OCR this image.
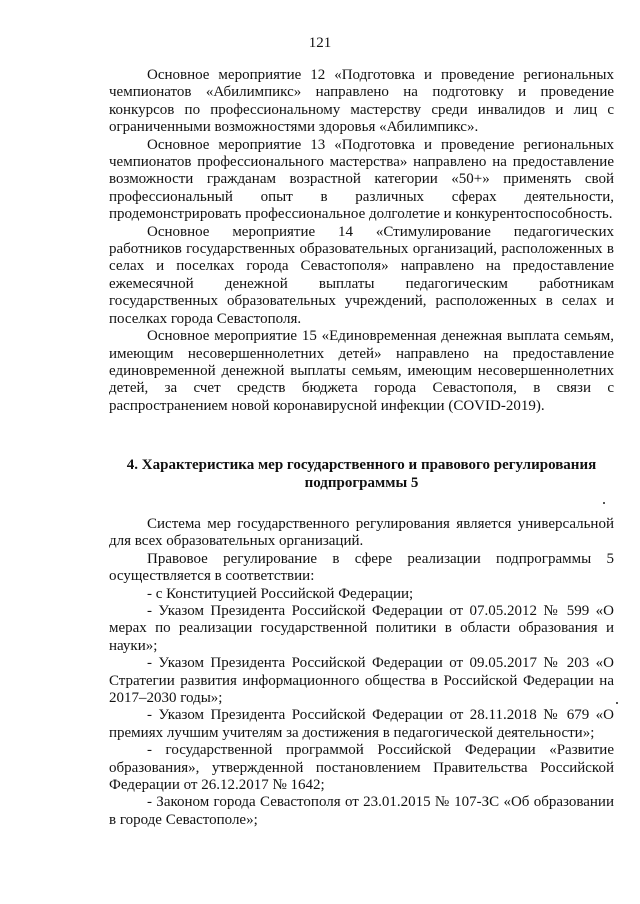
121

Основное мероприятие 12 «Подготовка и проведение региональных чемпионатов «Абилимпикс» направлено на подготовку и проведение конкурсов по профессиональному мастерству среди инвалидов и лиц с ограниченными возможностями здоровья «Абилимпикс».

Основное мероприятие 13 «Подготовка и проведение региональных чемпионатов профессионального мастерства» направлено на предоставление возможности гражданам возрастной категории «50+» применять свой профессиональный опыт в различных сферах деятельности, продемонстрировать профессиональное долголетие и конкурентоспособность.

Основное мероприятие 14 «Стимулирование педагогических работников государственных образовательных организаций, расположенных в селах и поселках города Севастополя» направлено на предоставление ежемесячной денежной выплаты педагогическим работникам государственных образовательных учреждений, расположенных в селах и поселках города Севастополя.

Основное мероприятие 15 «Единовременная денежная выплата семьям, имеющим несовершеннолетних детей» направлено на предоставление единовременной денежной выплаты семьям, имеющим несовершеннолетних детей, за счет средств бюджета города Севастополя, в связи с распространением новой коронавирусной инфекции (COVID-2019).

4. Характеристика мер государственного и правового регулирования
подпрограммы 5

Система мер государственного регулирования является универсальной для всех образовательных организаций.

Правовое регулирование в сфере реализации подпрограммы 5 осуществляется в соответствии:

- с Конституцией Российской Федерации;

- Указом Президента Российской Федерации от 07.05.2012 № 599 «О мерах по реализации государственной политики в области образования и науки»;

- Указом Президента Российской Федерации от 09.05.2017 № 203 «О Стратегии развития информационного общества в Российской Федерации на 2017–2030 годы»;

- Указом Президента Российской Федерации от 28.11.2018 № 679 «О премиях лучшим учителям за достижения в педагогической деятельности»;

- государственной программой Российской Федерации «Развитие образования», утвержденной постановлением Правительства Российской Федерации от 26.12.2017 № 1642;

- Законом города Севастополя от 23.01.2015 № 107-ЗС «Об образовании в городе Севастополе»;
